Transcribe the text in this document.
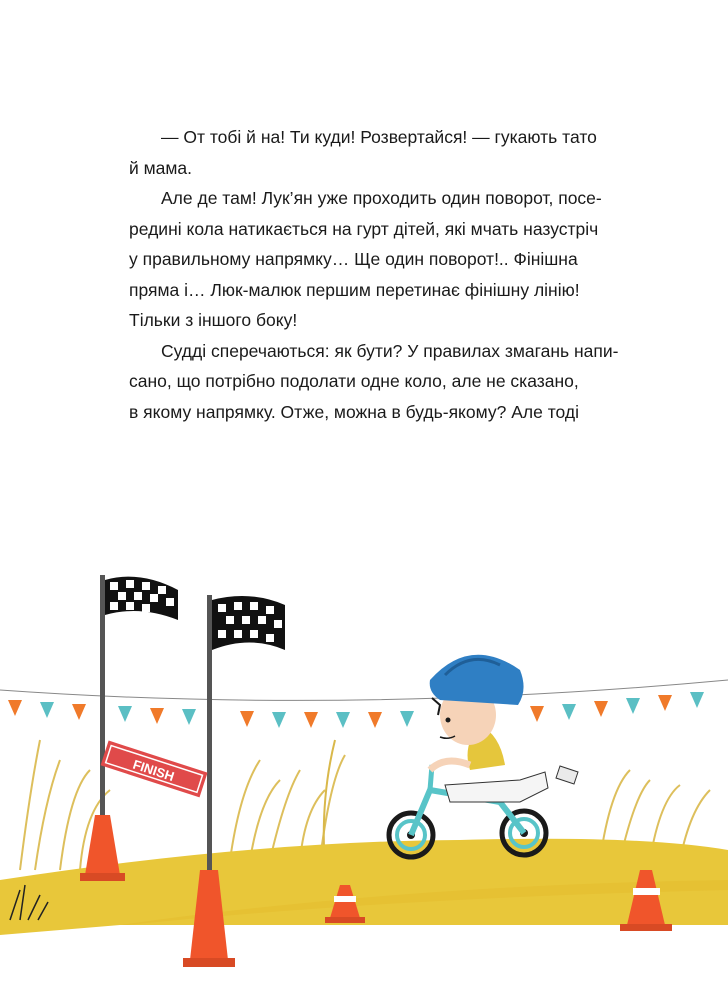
— От тобі й на! Ти куди! Розвертайся! — гукають тато
й мама.

Але де там! Лук’ян уже проходить один поворот, посе-
редині кола натикається на гурт дітей, які мчать назустріч
у правильному напрямку… Ще один поворот!.. Фінішна
пряма і… Люк-малюк першим перетинає фінішну лінію!
Тільки з іншого боку!

Судді сперечаються: як бути? У правилах змагань напи-
сано, що потрібно подолати одне коло, але не сказано,
в якому напрямку. Отже, можна в будь-якому? Але тоді

FINISH
